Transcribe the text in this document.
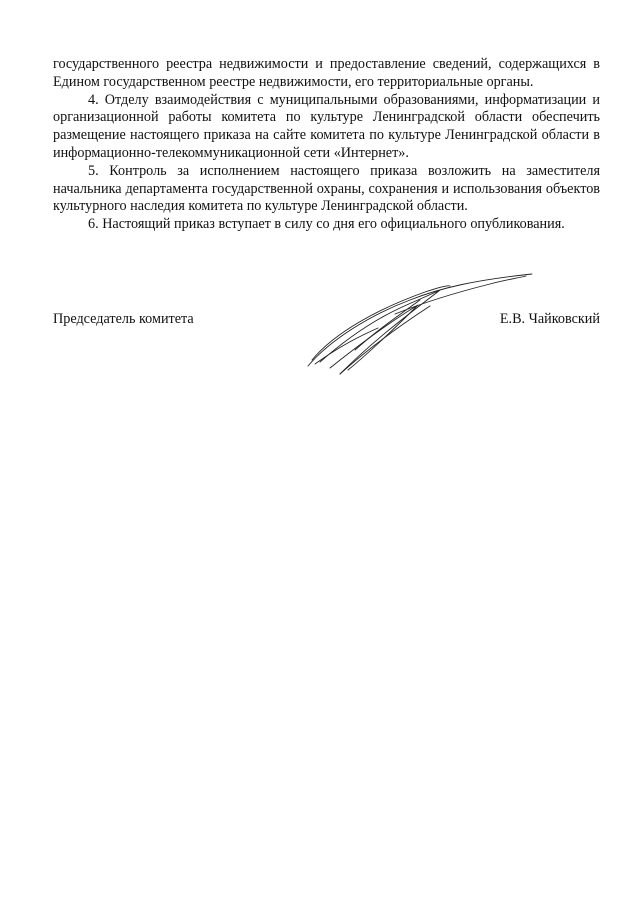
государственного реестра недвижимости и предоставление сведений, содержащихся в Едином государственном реестре недвижимости, его территориальные органы.

4. Отделу взаимодействия с муниципальными образованиями, информатизации и организационной работы комитета по культуре Ленинградской области обеспечить размещение настоящего приказа на сайте комитета по культуре Ленинградской области в информационно-телекоммуникационной сети «Интернет».

5. Контроль за исполнением настоящего приказа возложить на заместителя начальника департамента государственной охраны, сохранения и использования объектов культурного наследия комитета по культуре Ленинградской области.

6. Настоящий приказ вступает в силу со дня его официального опубликования.

Председатель комитета	Е.В. Чайковский
